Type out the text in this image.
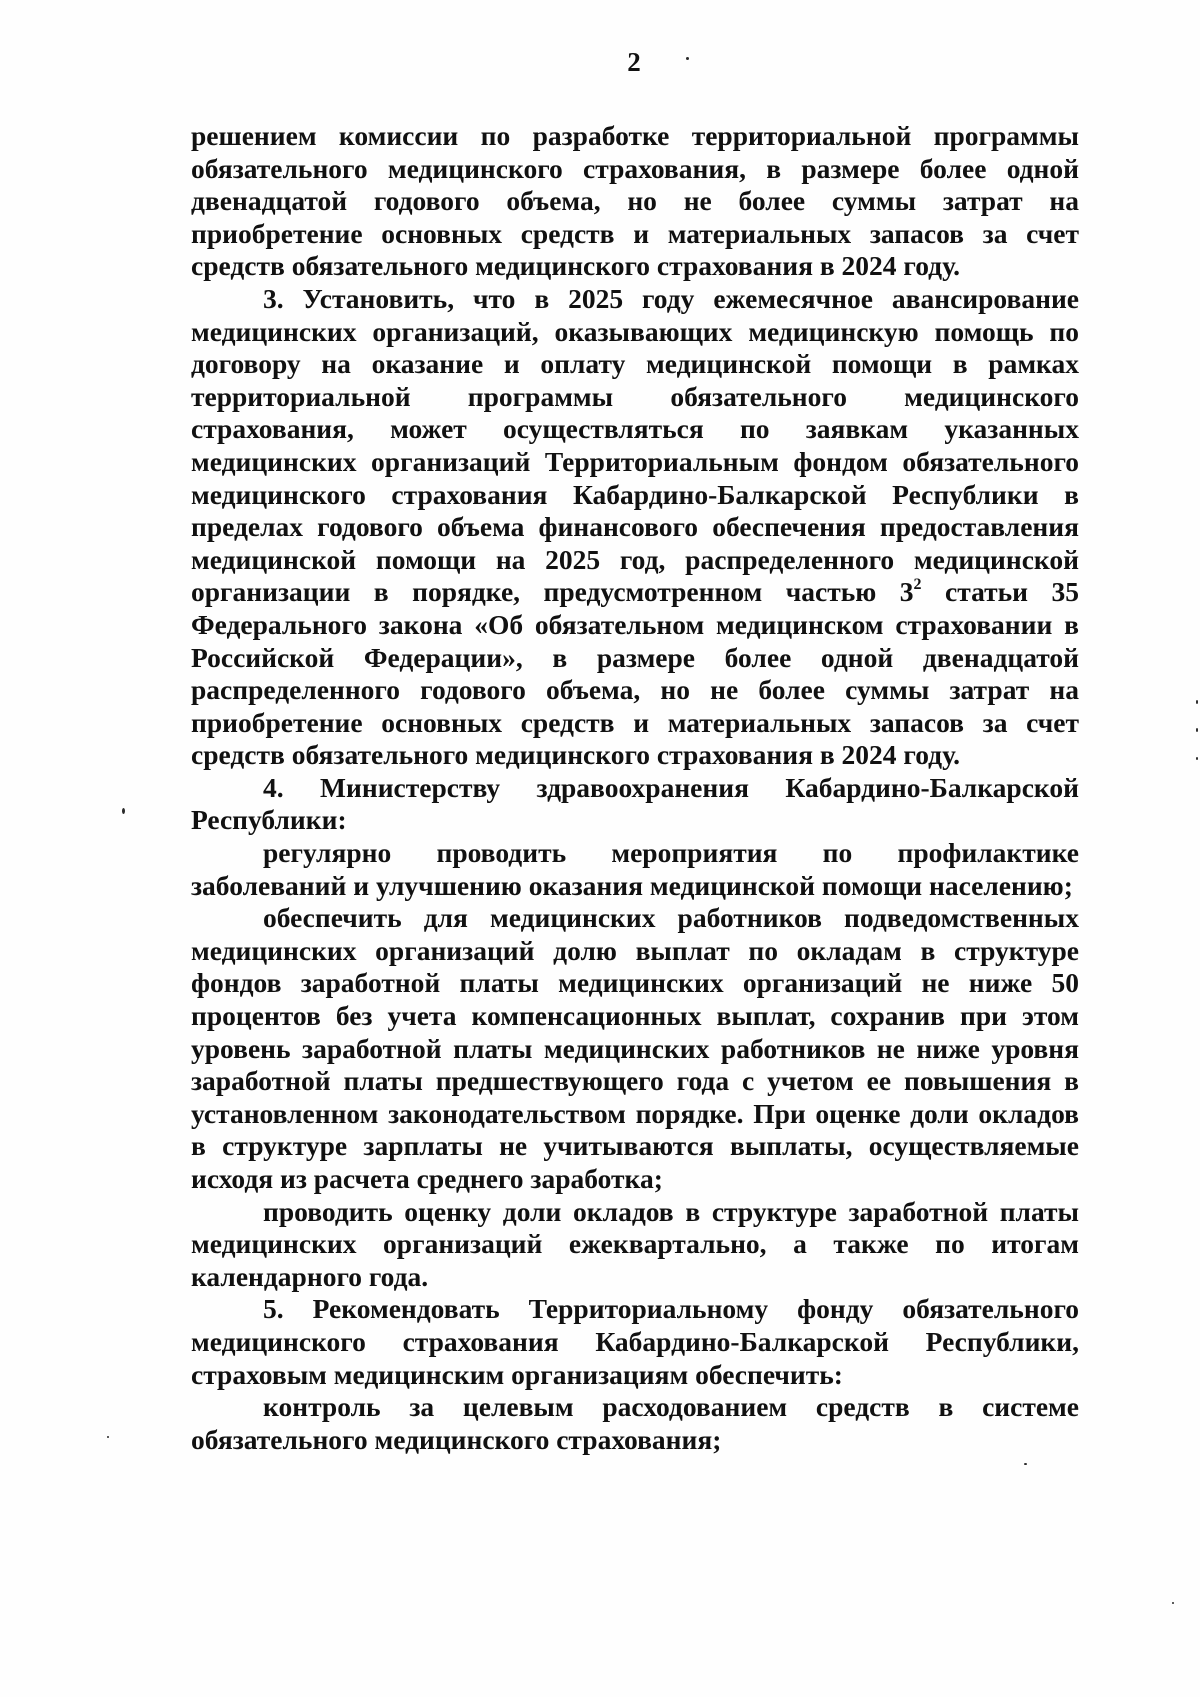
2

решением комиссии по разработке территориальной программы обязательного медицинского страхования, в размере более одной двенадцатой годового объема, но не более суммы затрат на приобретение основных средств и материальных запасов за счет средств обязательного медицинского страхования в 2024 году.

3. Установить, что в 2025 году ежемесячное авансирование медицинских организаций, оказывающих медицинскую помощь по договору на оказание и оплату медицинской помощи в рамках территориальной программы обязательного медицинского страхования, может осуществляться по заявкам указанных медицинских организаций Территориальным фондом обязательного медицинского страхования Кабардино-Балкарской Республики в пределах годового объема финансового обеспечения предоставления медицинской помощи на 2025 год, распределенного медицинской организации в порядке, предусмотренном частью $3^2$ статьи 35 Федерального закона «Об обязательном медицинском страховании в Российской Федерации», в размере более одной двенадцатой распределенного годового объема, но не более суммы затрат на приобретение основных средств и материальных запасов за счет средств обязательного медицинского страхования в 2024 году.

4. Министерству здравоохранения Кабардино-Балкарской Республики:

регулярно проводить мероприятия по профилактике заболеваний и улучшению оказания медицинской помощи населению;

обеспечить для медицинских работников подведомственных медицинских организаций долю выплат по окладам в структуре фондов заработной платы медицинских организаций не ниже 50 процентов без учета компенсационных выплат, сохранив при этом уровень заработной платы медицинских работников не ниже уровня заработной платы предшествующего года с учетом ее повышения в установленном законодательством порядке. При оценке доли окладов в структуре зарплаты не учитываются выплаты, осуществляемые исходя из расчета среднего заработка;

проводить оценку доли окладов в структуре заработной платы медицинских организаций ежеквартально, а также по итогам календарного года.

5. Рекомендовать Территориальному фонду обязательного медицинского страхования Кабардино-Балкарской Республики, страховым медицинским организациям обеспечить:

контроль за целевым расходованием средств в системе обязательного медицинского страхования;
